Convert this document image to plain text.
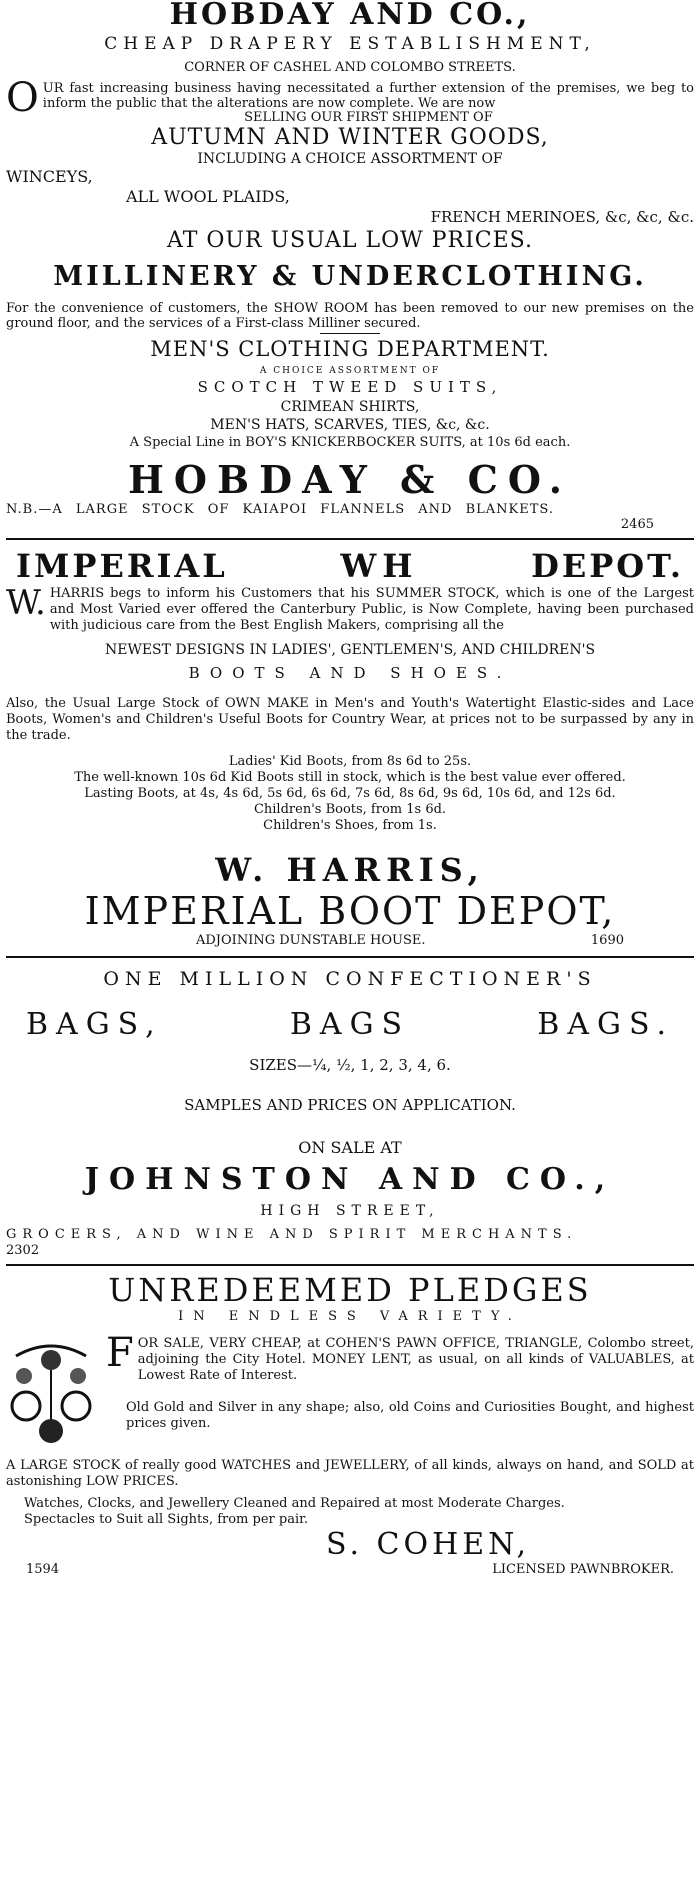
HOBDAY AND CO.,
CHEAP DRAPERY ESTABLISHMENT,
CORNER OF CASHEL AND COLOMBO STREETS.

OUR fast increasing business having necessitated a further extension of the premises, we beg to inform the public that the alterations are now complete. We are now

SELLING OUR FIRST SHIPMENT OF
AUTUMN AND WINTER GOODS,
INCLUDING A CHOICE ASSORTMENT OF
WINCEYS,
ALL WOOL PLAIDS,
FRENCH MERINOES, &c, &c, &c.
AT OUR USUAL LOW PRICES.
MILLINERY & UNDERCLOTHING.

For the convenience of customers, the SHOW ROOM has been removed to our new premises on the ground floor, and the services of a First-class Milliner secured.

MEN'S CLOTHING DEPARTMENT.
A CHOICE ASSORTMENT OF
SCOTCH TWEED SUITS,
CRIMEAN SHIRTS,
MEN'S HATS, SCARVES, TIES, &c, &c.
A Special Line in BOY'S KNICKERBOCKER SUITS, at 10s 6d each.
HOBDAY & CO.
N.B.—A LARGE STOCK OF KAIAPOI FLANNELS AND BLANKETS.
2465
IMPERIAL	WH	DEPOT.

W. HARRIS begs to inform his Customers that his SUMMER STOCK, which is one of the Largest and Most Varied ever offered the Canterbury Public, is Now Complete, having been purchased with judicious care from the Best English Makers, comprising all the

NEWEST DESIGNS IN LADIES', GENTLEMEN'S, AND CHILDREN'S
BOOTS AND SHOES.

Also, the Usual Large Stock of OWN MAKE in Men's and Youth's Watertight Elastic-sides and Lace Boots, Women's and Children's Useful Boots for Country Wear, at prices not to be surpassed by any in the trade.

Ladies' Kid Boots, from 8s 6d to 25s.
The well-known 10s 6d Kid Boots still in stock, which is the best value ever offered.
Lasting Boots, at 4s, 4s 6d, 5s 6d, 6s 6d, 7s 6d, 8s 6d, 9s 6d, 10s 6d, and 12s 6d.
Children's Boots, from 1s 6d.
Children's Shoes, from 1s.
W. HARRIS,
IMPERIAL BOOT DEPOT,
ADJOINING DUNSTABLE HOUSE.	1690
ONE MILLION CONFECTIONER'S
BAGS,	BAGS	BAGS.
SIZES—¼, ½, 1, 2, 3, 4, 6.
SAMPLES AND PRICES ON APPLICATION.
ON SALE AT
JOHNSTON AND CO.,
HIGH STREET,
GROCERS, AND WINE AND SPIRIT MERCHANTS.
2302
UNREDEEMED PLEDGES
IN ENDLESS VARIETY.

FOR SALE, VERY CHEAP, at COHEN'S PAWN OFFICE, TRIANGLE, Colombo street, adjoining the City Hotel. MONEY LENT, as usual, on all kinds of VALUABLES, at Lowest Rate of Interest.

Old Gold and Silver in any shape; also, old Coins and Curiosities Bought, and highest prices given.

A LARGE STOCK of really good WATCHES and JEWELLERY, of all kinds, always on hand, and SOLD at astonishing LOW PRICES.

Watches, Clocks, and Jewellery Cleaned and Repaired at most Moderate Charges.

Spectacles to Suit all Sights, from per pair.

S. COHEN,
1594	LICENSED PAWNBROKER.
